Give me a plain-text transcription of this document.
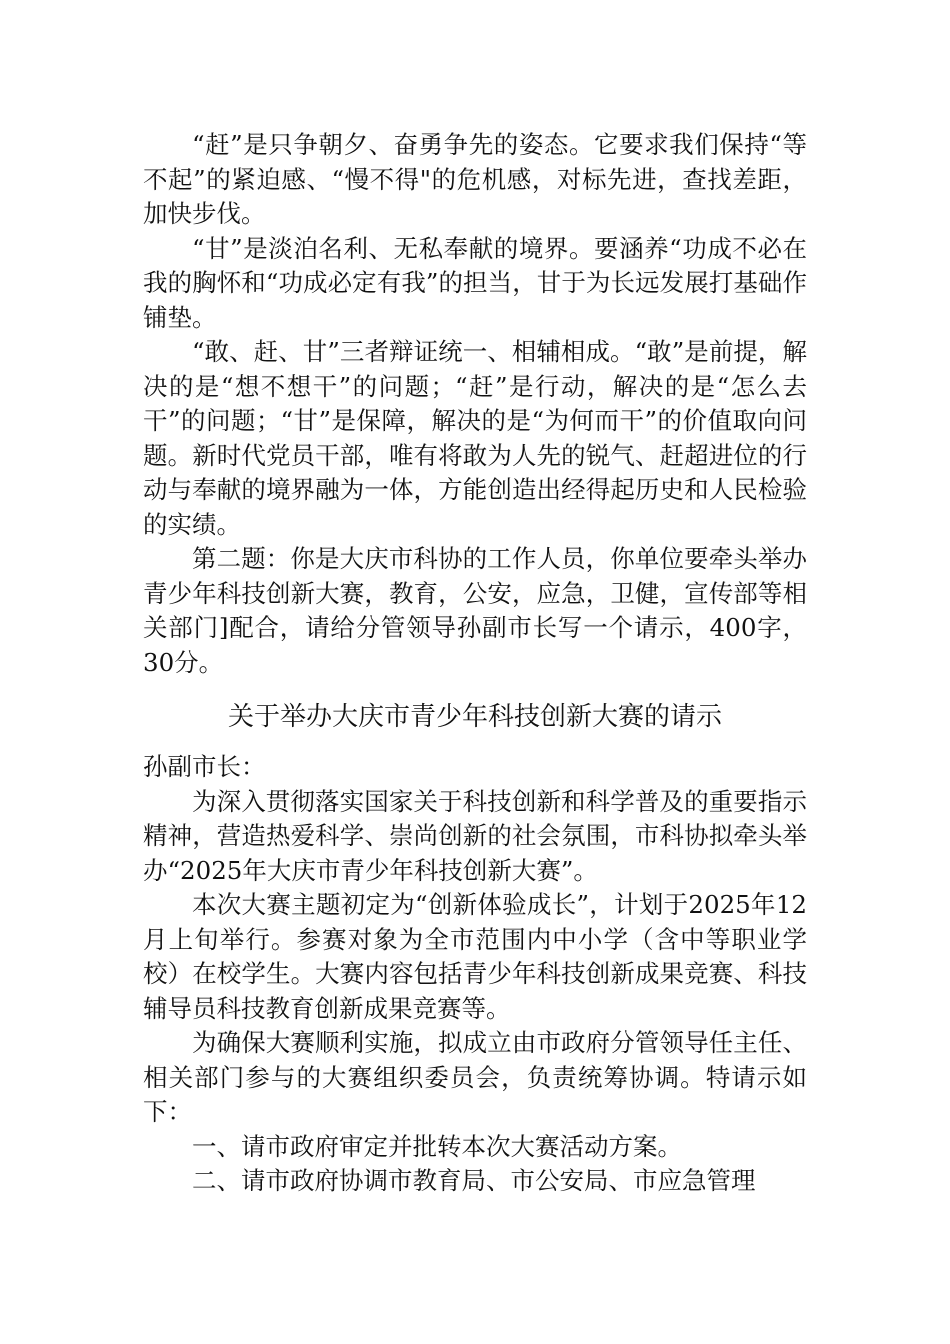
“赶”是只争朝夕、奋勇争先的姿态。它要求我们保持“等不起”的紧迫感、“慢不得"的危机感，对标先进，查找差距，加快步伐。

“甘”是淡泊名利、无私奉献的境界。要涵养“功成不必在我的胸怀和“功成必定有我”的担当，甘于为长远发展打基础作铺垫。

“敢、赶、甘”三者辩证统一、相辅相成。“敢”是前提，解决的是“想不想干”的问题；“赶”是行动，解决的是“怎么去干”的问题；“甘”是保障，解决的是“为何而干”的价值取向问题。新时代党员干部，唯有将敢为人先的锐气、赶超进位的行动与奉献的境界融为一体，方能创造出经得起历史和人民检验的实绩。

第二题：你是大庆市科协的工作人员，你单位要牵头举办青少年科技创新大赛，教育，公安，应急，卫健，宣传部等相关部门]配合，请给分管领导孙副市长写一个请示，400字，30分。

关于举办大庆市青少年科技创新大赛的请示

孙副市长：

为深入贯彻落实国家关于科技创新和科学普及的重要指示精神，营造热爱科学、崇尚创新的社会氛围，市科协拟牵头举办“2025年大庆市青少年科技创新大赛”。

本次大赛主题初定为“创新体验成长”，计划于2025年12月上旬举行。参赛对象为全市范围内中小学（含中等职业学校）在校学生。大赛内容包括青少年科技创新成果竞赛、科技辅导员科技教育创新成果竞赛等。

为确保大赛顺利实施，拟成立由市政府分管领导任主任、相关部门参与的大赛组织委员会，负责统筹协调。特请示如下：

一、请市政府审定并批转本次大赛活动方案。

二、请市政府协调市教育局、市公安局、市应急管理
